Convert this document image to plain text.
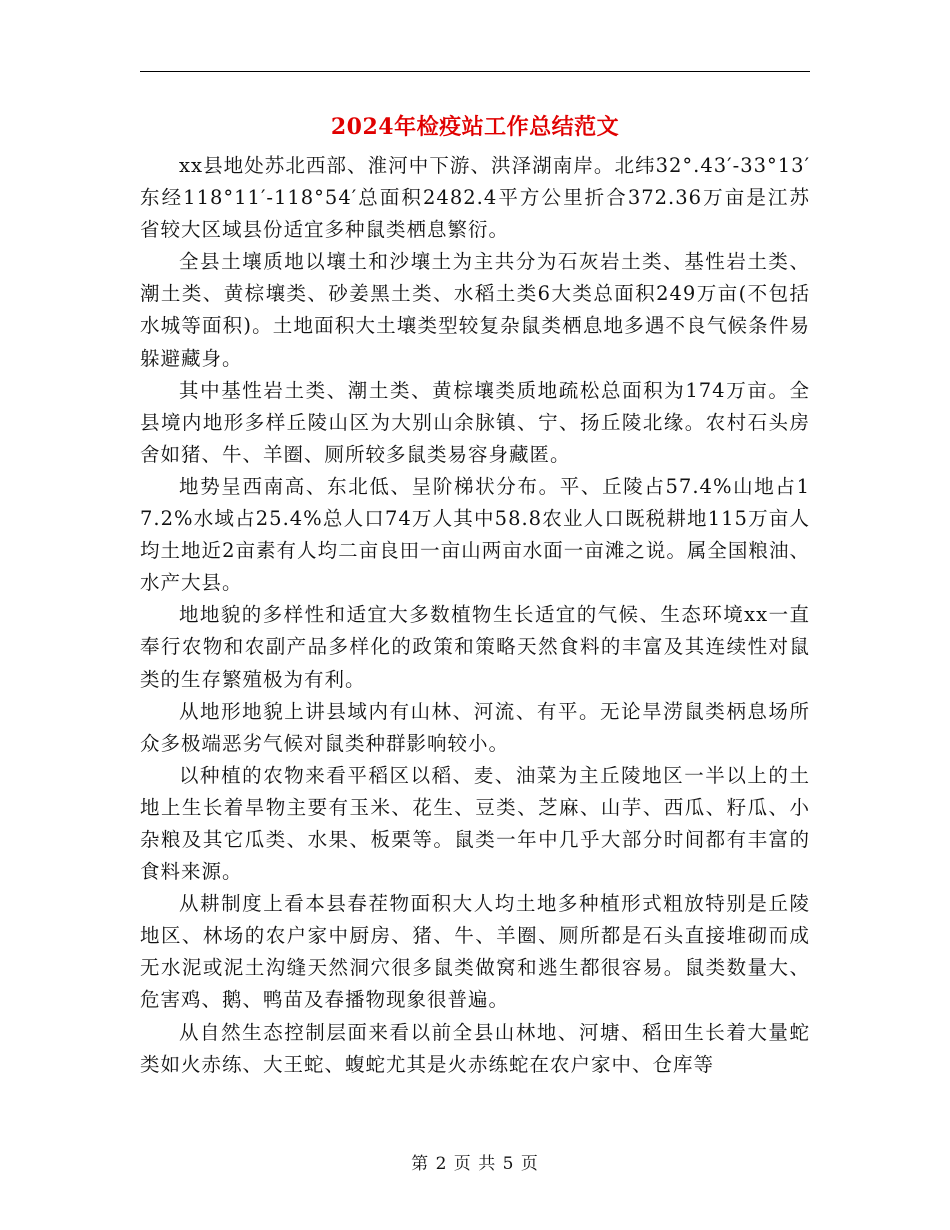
2024年检疫站工作总结范文

xx县地处苏北西部、淮河中下游、洪泽湖南岸。北纬32°.43′-33°13′东经118°11′-118°54′总面积2482.4平方公里折合372.36万亩是江苏省较大区域县份适宜多种鼠类栖息繁衍。

全县土壤质地以壤土和沙壤土为主共分为石灰岩土类、基性岩土类、潮土类、黄棕壤类、砂姜黑土类、水稻土类6大类总面积249万亩(不包括水城等面积)。土地面积大土壤类型较复杂鼠类栖息地多遇不良气候条件易躲避藏身。

其中基性岩土类、潮土类、黄棕壤类质地疏松总面积为174万亩。全县境内地形多样丘陵山区为大别山余脉镇、宁、扬丘陵北缘。农村石头房舍如猪、牛、羊圈、厕所较多鼠类易容身藏匿。

地势呈西南高、东北低、呈阶梯状分布。平、丘陵占57.4%山地占17.2%水域占25.4%总人口74万人其中58.8农业人口既税耕地115万亩人均土地近2亩素有人均二亩良田一亩山两亩水面一亩滩之说。属全国粮油、水产大县。

地地貌的多样性和适宜大多数植物生长适宜的气候、生态环境xx一直奉行农物和农副产品多样化的政策和策略天然食料的丰富及其连续性对鼠类的生存繁殖极为有利。

从地形地貌上讲县域内有山林、河流、有平。无论旱涝鼠类柄息场所众多极端恶劣气候对鼠类种群影响较小。

以种植的农物来看平稻区以稻、麦、油菜为主丘陵地区一半以上的土地上生长着旱物主要有玉米、花生、豆类、芝麻、山芋、西瓜、籽瓜、小杂粮及其它瓜类、水果、板栗等。鼠类一年中几乎大部分时间都有丰富的食料来源。

从耕制度上看本县春茬物面积大人均土地多种植形式粗放特别是丘陵地区、林场的农户家中厨房、猪、牛、羊圈、厕所都是石头直接堆砌而成无水泥或泥土沟缝天然洞穴很多鼠类做窝和逃生都很容易。鼠类数量大、危害鸡、鹅、鸭苗及春播物现象很普遍。

从自然生态控制层面来看以前全县山林地、河塘、稻田生长着大量蛇类如火赤练、大王蛇、蝮蛇尤其是火赤练蛇在农户家中、仓库等

第 2 页 共 5 页
